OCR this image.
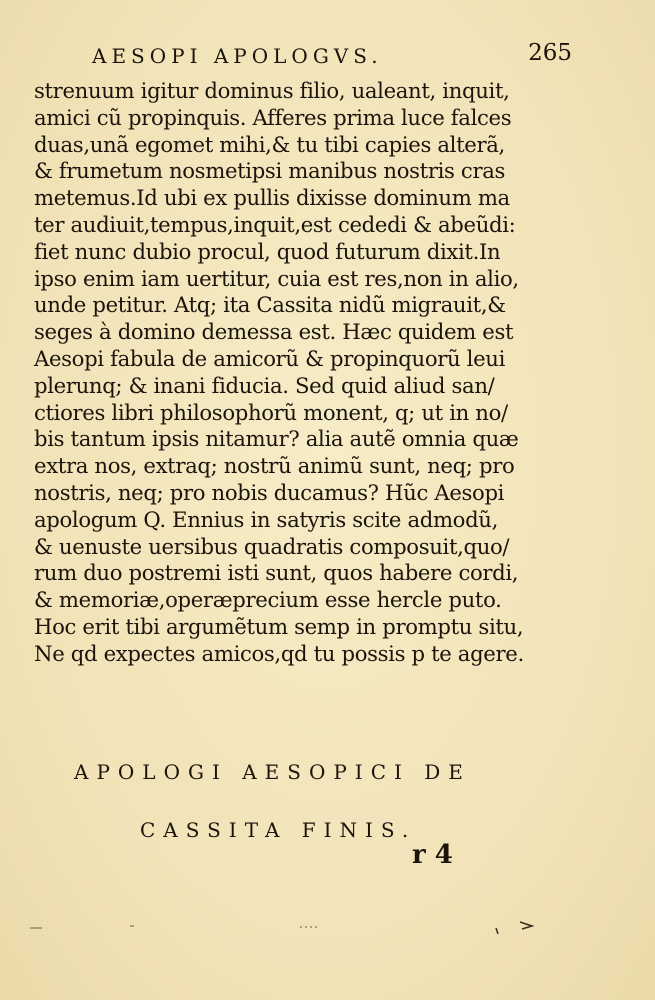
AESOPI APOLOGVS.	265
strenuum igitur dominus filio, ualeant, inquit,
amici cũ propinquis. Afferes prima luce falces
duas,unã egomet mihi,& tu tibi capies alterã,
& frumetum nosmetipsi manibus nostris cras
metemus.Id ubi ex pullis dixisse dominum ma
ter audiuit,tempus,inquit,est cededi & abeũdi:
fiet nunc dubio procul, quod futurum dixit.In
ipso enim iam uertitur, cuia est res,non in alio,
unde petitur. Atq; ita Cassita nidũ migrauit,&
seges à domino demessa est. Hæc quidem est
Aesopi fabula de amicorũ & propinquorũ leui
plerunq; & inani fiducia. Sed quid aliud san/
ctiores libri philosophorũ monent, q; ut in no/
bis tantum ipsis nitamur? alia autẽ omnia quæ
extra nos, extraq; nostrũ animũ sunt, neq; pro
nostris, neq; pro nobis ducamus? Hũc Aesopi
apologum Q. Ennius in satyris scite admodũ,
& uenuste uersibus quadratis composuit,quo/
rum duo postremi isti sunt, quos habere cordi,
& memoriæ,operæprecium esse hercle puto.
Hoc erit tibi argumẽtum semp in promptu situ,
Ne qd expectes amicos,qd tu possis p te agere.
APOLOGI AESOPICI DE
CASSITA FINIS.
r 4
